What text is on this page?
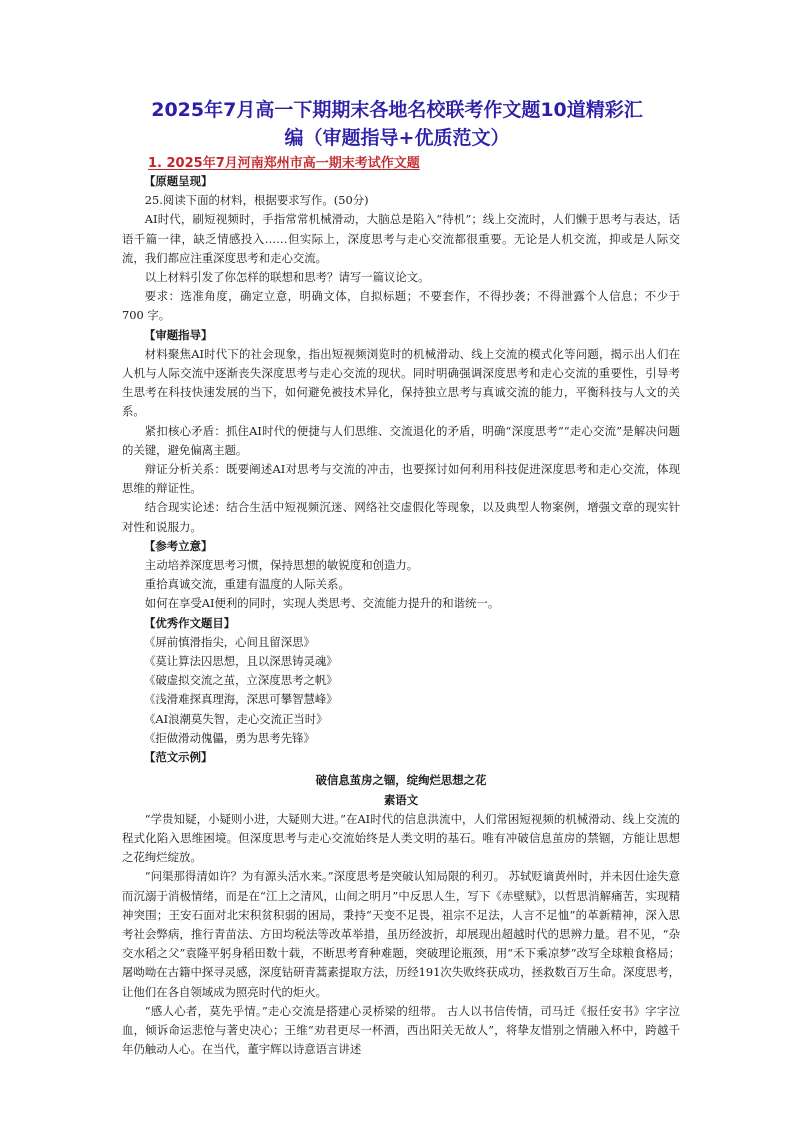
2025年7月高一下期期末各地名校联考作文题10道精彩汇
编（审题指导+优质范文）
1. 2025年7月河南郑州市高一期末考试作文题

【原题呈现】

25.阅读下面的材料，根据要求写作。(50分)

AI时代，刷短视频时，手指常常机械滑动，大脑总是陷入“待机”；线上交流时，人们懒于思考与表达，话语千篇一律，缺乏情感投入……但实际上，深度思考与走心交流都很重要。无论是人机交流，抑或是人际交流，我们都应注重深度思考和走心交流。

以上材料引发了你怎样的联想和思考？请写一篇议论文。

要求：选准角度，确定立意，明确文体，自拟标题；不要套作，不得抄袭；不得泄露个人信息；不少于 700 字。

【审题指导】

材料聚焦AI时代下的社会现象，指出短视频浏览时的机械滑动、线上交流的模式化等问题，揭示出人们在人机与人际交流中逐渐丧失深度思考与走心交流的现状。同时明确强调深度思考和走心交流的重要性，引导考生思考在科技快速发展的当下，如何避免被技术异化，保持独立思考与真诚交流的能力，平衡科技与人文的关系。

紧扣核心矛盾：抓住AI时代的便捷与人们思维、交流退化的矛盾，明确“深度思考”“走心交流”是解决问题的关键，避免偏离主题。

辩证分析关系：既要阐述AI对思考与交流的冲击，也要探讨如何利用科技促进深度思考和走心交流，体现思维的辩证性。

结合现实论述：结合生活中短视频沉迷、网络社交虚假化等现象，以及典型人物案例，增强文章的现实针对性和说服力。

【参考立意】

主动培养深度思考习惯，保持思想的敏锐度和创造力。

重拾真诚交流，重建有温度的人际关系。

如何在享受AI便利的同时，实现人类思考、交流能力提升的和谐统一。

【优秀作文题目】

《屏前慎滑指尖，心间且留深思》

《莫让算法囚思想，且以深思铸灵魂》

《破虚拟交流之茧，立深度思考之帆》

《浅滑难探真理海，深思可攀智慧峰》

《AI浪潮莫失智，走心交流正当时》

《拒做滑动傀儡，勇为思考先锋》

【范文示例】

破信息茧房之锢，绽绚烂思想之花

素语文

“学贵知疑，小疑则小进，大疑则大进。”在AI时代的信息洪流中，人们常困短视频的机械滑动、线上交流的程式化陷入思维困境。但深度思考与走心交流始终是人类文明的基石。唯有冲破信息茧房的禁锢，方能让思想之花绚烂绽放。

“问渠那得清如许？为有源头活水来。”深度思考是突破认知局限的利刃。 苏轼贬谪黄州时，并未因仕途失意而沉溺于消极情绪，而是在“江上之清风，山间之明月”中反思人生，写下《赤壁赋》，以哲思消解痛苦，实现精神突围；王安石面对北宋积贫积弱的困局，秉持“天变不足畏，祖宗不足法，人言不足恤”的革新精神，深入思考社会弊病，推行青苗法、方田均税法等改革举措，虽历经波折，却展现出超越时代的思辨力量。君不见，“杂交水稻之父”袁隆平躬身稻田数十载，不断思考育种难题，突破理论瓶颈，用“禾下乘凉梦”改写全球粮食格局；屠呦呦在古籍中探寻灵感，深度钻研青蒿素提取方法，历经191次失败终获成功，拯救数百万生命。深度思考，让他们在各自领域成为照亮时代的炬火。

“感人心者，莫先乎情。”走心交流是搭建心灵桥梁的纽带。 古人以书信传情，司马迁《报任安书》字字泣血，倾诉命运悲怆与著史决心；王维“劝君更尽一杯酒，西出阳关无故人”，将挚友惜别之情融入杯中，跨越千年仍触动人心。在当代，董宇辉以诗意语言讲述
